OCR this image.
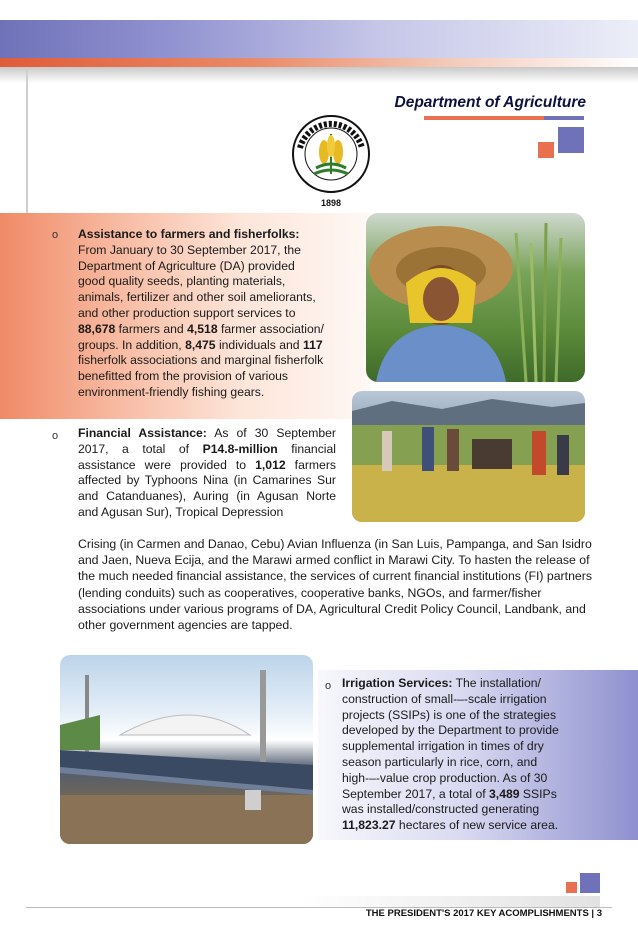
Department of Agriculture
1898
o Assistance to farmers and fisherfolks:
From January to 30 September 2017, the
Department of Agriculture (DA) provided
good quality seeds, planting materials,
animals, fertilizer and other soil ameliorants,
and other production support services to
88,678 farmers and 4,518 farmer association/
groups. In addition, 8,475 individuals and 117
fisherfolk associations and marginal fisherfolk
benefitted from the provision of various
environment-friendly fishing gears.
o Financial Assistance: As of 30 September 2017, a total of P14.8-million financial assistance were provided to 1,012 farmers affected by Typhoons Nina (in Camarines Sur and Catanduanes), Auring (in Agusan Norte and Agusan Sur), Tropical Depression
Crising (in Carmen and Danao, Cebu) Avian Influenza (in San Luis, Pampanga, and San Isidro and Jaen, Nueva Ecija, and the Marawi armed conflict in Marawi City. To hasten the release of the much needed financial assistance, the services of current financial institutions (FI) partners (lending conduits) such as cooperatives, cooperative banks, NGOs, and farmer/fisher associations under various programs of DA, Agricultural Credit Policy Council, Landbank, and other government agencies are tapped.
o Irrigation Services: The installation/
construction of small-–-scale irrigation
projects (SSIPs) is one of the strategies
developed by the Department to provide
supplemental irrigation in times of dry
season particularly in rice, corn, and
high-–-value crop production. As of 30
September 2017, a total of 3,489 SSIPs
was installed/constructed generating
11,823.27 hectares of new service area.
THE PRESIDENT'S 2017 KEY ACOMPLISHMENTS | 3
